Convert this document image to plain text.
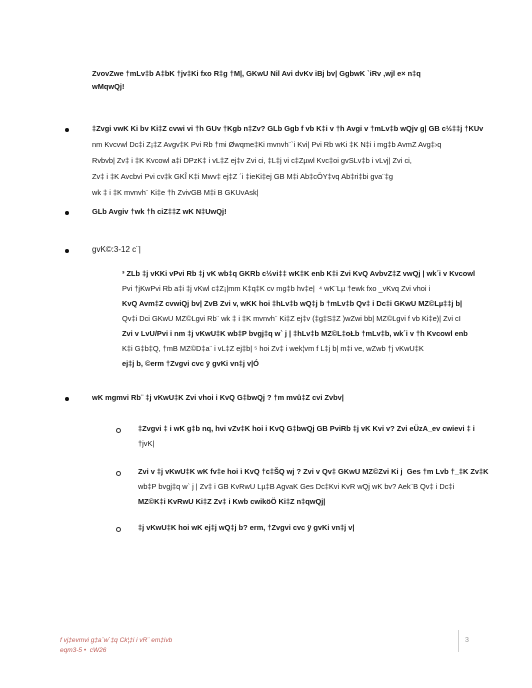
ZvovZwe †mLv‡b A‡bK †jv‡Ki fxo R‡g †M|, GKwU Nil Avi dvKv iBj bv| GgbwK `iRv ,wjl e× n‡q
wMqwQj!
‡Zvgi vwK Ki bv Ki‡Z cvwi vi †h GUv †Kgb n‡Zv? GLb Ggb f vb K‡i v †h Avgi v †mLv‡b wQjv g| GB c½‡‡j †KUv
nm Kvcvwl Dc‡i Z¡‡Z Avgv‡K Pvi Rb †mi Øwqme‡Ki mvnvh¨`i Kvi| Pvi Rb wKi ‡K N‡i i mg‡b AvmZ Avg‡›q
Rvbvb| Zv‡ i ‡K Kvcowl a‡i DPzK‡ i vL‡Z ej‡v Zvi ci, ‡L‡j vi c‡Zµwl Kvc‡oi gvSLv‡b i vLvj| Zvi ci,
Zv‡ i ‡K Avcbvi Pvi cv‡k GKÎ K‡i Mwv‡ ej‡Z ´i ‡ieKi‡ej GB M‡i Ab‡cÖY‡vq Ab‡ri‡bi gva¨‡g
wk ‡ i ‡K mvnvh¨ Ki‡e †h ZvivGB M‡i B GKUvAsk|
GLb Avgiv †wk †h ciZ‡‡Z wK N‡UwQj!
gvK©:3-12 c¨|
³ ZLb ‡j vKKi vPvi Rb ‡j vK wb‡q GKRb c½vi‡‡ wK‡K enb K‡i Zvi KvQ AvbvZ‡Z vwQj | wk´i v Kvcowl
Pvi †jKwPvi Rb a‡i ‡j vKwl c‡Z¡|mm K‡q‡K cv mg‡b hv‡e|  ⁴ wK¨Lµ †ewk fxo _vKvq Zvi vhoi i
KvQ Avm‡Z cvwiQj bv| ZvB Zvi v, wKK hoi ‡hLv‡b wQ‡j b †mLv‡b Qv‡ i Dc‡i GKwU MZ©Lµ‡‡j b|
Qv‡i Dci GKwU MZ©Lgvi Rb¨ wk ‡ i ‡K mvnvh¨ Ki‡Z ej‡v (‡g‡S‡Z )wZwi bb| MZ©Lgvi f vb Ki‡e)| Zvi cI
Zvi v LvU/Pvi i nm ‡j vKwU‡K wb‡P bvgj‡q w` j | ‡hLv‡b MZ©L‡oŁb †mLv‡b, wk´i v †h Kvcowl enb
K‡i G‡b‡Q, †mB MZ©D‡a¨ i vL‡Z ej‡b| ⁵ hoi Zv‡ i wek¦vm f L‡j b| m‡i ve, wZwb †j vKwU‡K
ej‡j b, ©erm †Zvgvi cvc ÿ gvKi vn‡j v|Ó
wK mgmvi Rb¨ ‡j vKwU‡K Zvi vhoi i KvQ G‡bwQj ? †m mvû‡Z cvi Zvbv|
‡Zvgvi ‡ i wK g‡b nq, hvi vZv‡K hoi i KvQ G‡bwQj GB PviRb ‡j vK Kvi v? Zvi eÜzA_ev cwievi ‡ i
†jvK|
Zvi v ‡j vKwU‡K wK fv‡e hoi i KvQ †c‡ŠQ wj ? Zvi v Qv‡ GKwU MZ©Zvi Ki j  Ges †m Lvb †_‡K Zv‡K
wb‡P bvgj‡q w` j | Zv‡ i GB KvRwU Lµ‡B AgvaK Ges Dc‡Kvi KvR wQj wK bv? Aek¨B Qv‡ i Dc‡i
MZ©K‡i KvRwU Ki‡Z Zv‡ i Kwb cwiköÖ Ki‡Z n‡qwQj|
‡j vKwU‡K hoi wK ej‡j wQ‡j b? erm, †Zvgvi cvc ÿ gvKi vn‡j v|
f vj‡evmvi g‡a¨w`‡q Ck¦‡i i vR¨ em‡ivb
eqm3-5 •  cW26
3
